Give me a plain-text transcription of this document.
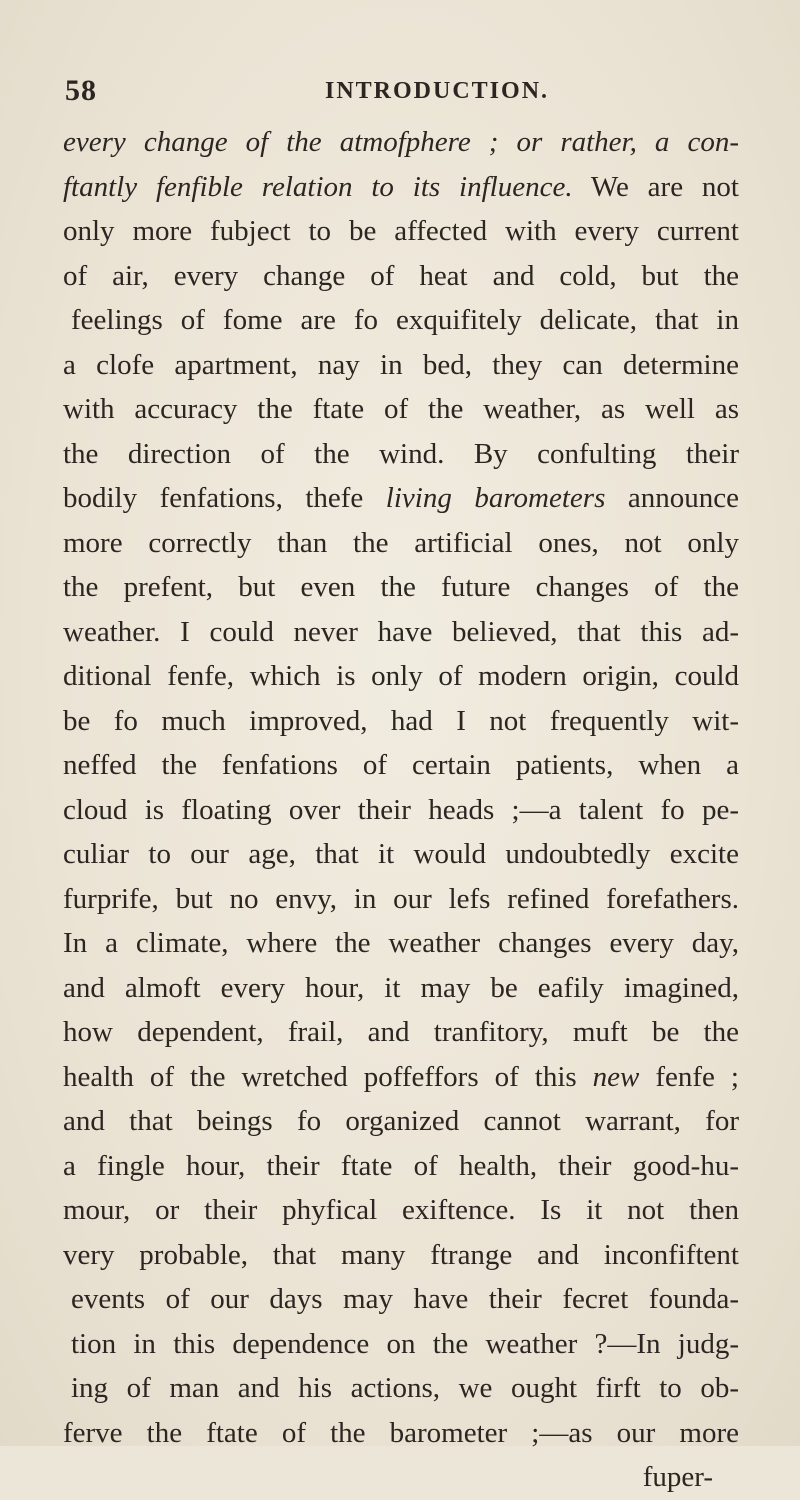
58	INTRODUCTION.
every change of the atmofphere ; or rather, a con-
ftantly fenfible relation to its influence. We are not
only more fubject to be affected with every current
of air, every change of heat and cold, but the
feelings of fome are fo exquifitely delicate, that in
a clofe apartment, nay in bed, they can determine
with accuracy the ftate of the weather, as well as
the direction of the wind. By confulting their
bodily fenfations, thefe living barometers announce
more correctly than the artificial ones, not only
the prefent, but even the future changes of the
weather. I could never have believed, that this ad-
ditional fenfe, which is only of modern origin, could
be fo much improved, had I not frequently wit-
neffed the fenfations of certain patients, when a
cloud is floating over their heads ;—a talent fo pe-
culiar to our age, that it would undoubtedly excite
furprife, but no envy, in our lefs refined forefathers.
In a climate, where the weather changes every day,
and almoft every hour, it may be eafily imagined,
how dependent, frail, and tranfitory, muft be the
health of the wretched poffeffors of this new fenfe ;
and that beings fo organized cannot warrant, for
a fingle hour, their ftate of health, their good-hu-
mour, or their phyfical exiftence. Is it not then
very probable, that many ftrange and inconfiftent
events of our days may have their fecret founda-
tion in this dependence on the weather ?—In judg-
ing of man and his actions, we ought firft to ob-
ferve the ftate of the barometer ;—as our more
fuper-
